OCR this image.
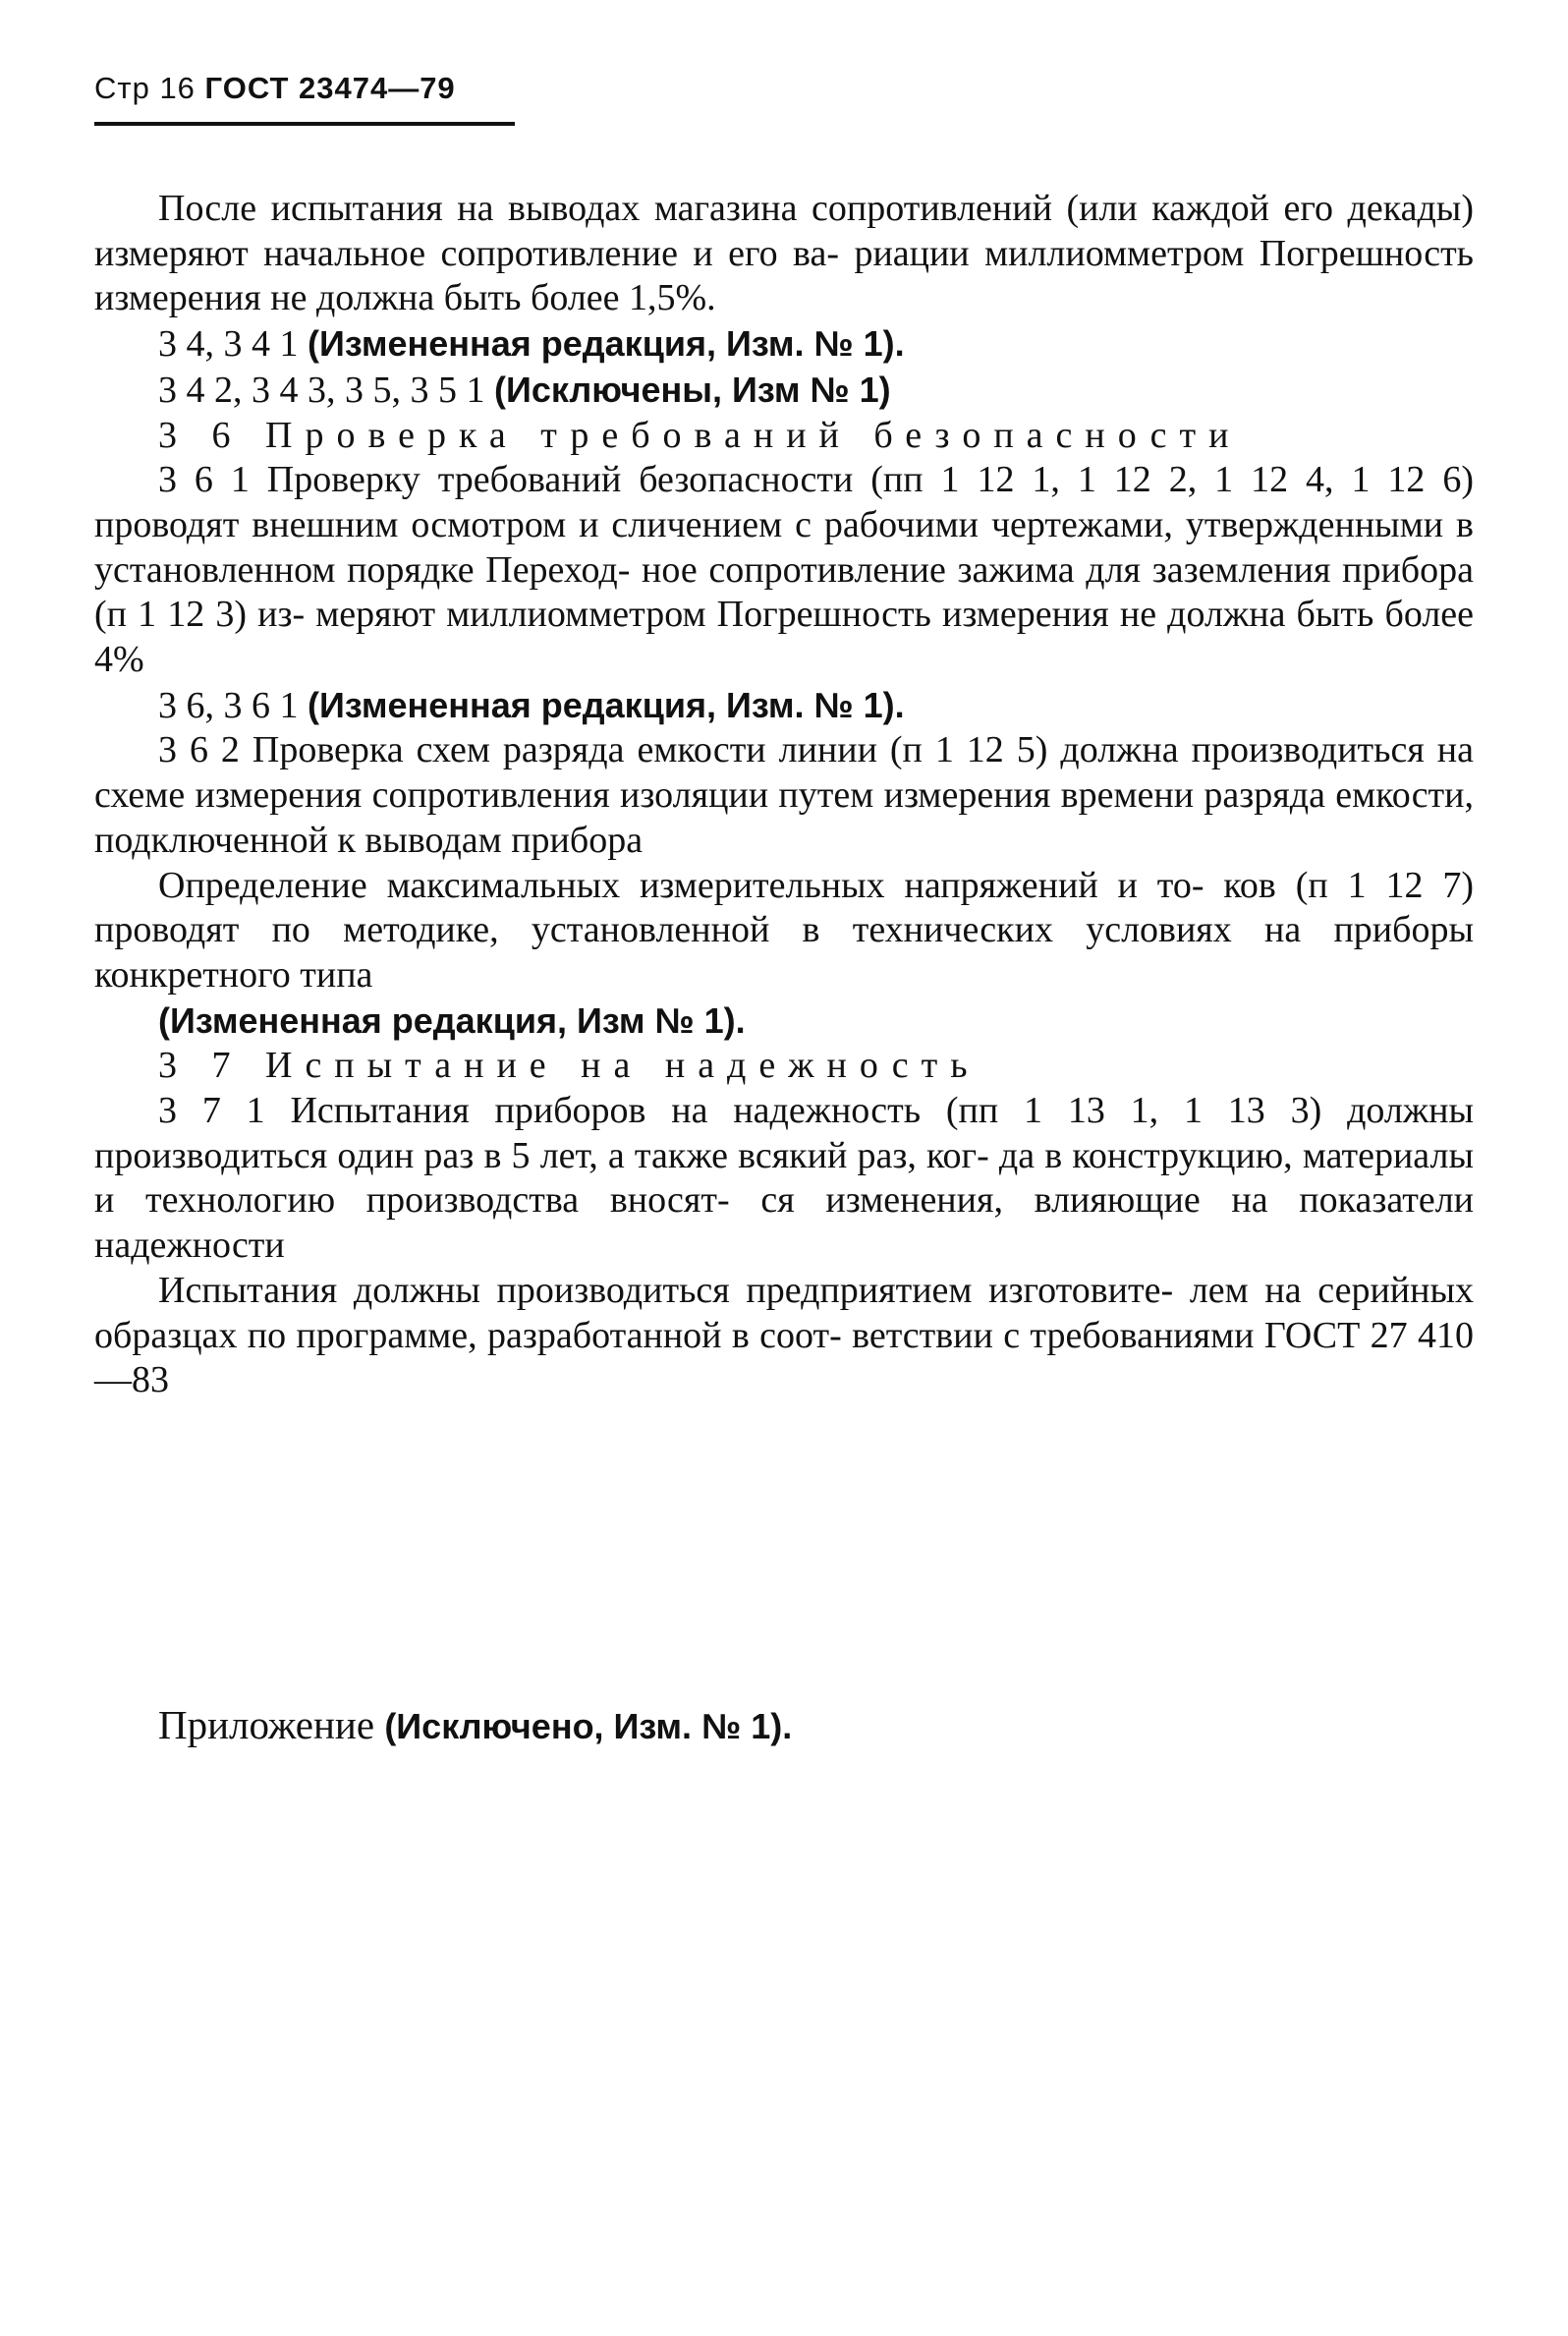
Стр 16 ГОСТ 23474—79

После испытания на выводах магазина сопротивлений (или каждой его декады) измеряют начальное сопротивление и его ва- риации миллиомметром Погрешность измерения не должна быть более 1,5%.

3 4, 3 4 1 (Измененная редакция, Изм. № 1).

3 4 2, 3 4 3, 3 5, 3 5 1 (Исключены, Изм № 1)

3 6 Проверка требований безопасности

3 6 1 Проверку требований безопасности (пп 1 12 1, 1 12 2, 1 12 4, 1 12 6) проводят внешним осмотром и сличением с рабочими чертежами, утвержденными в установленном порядке Переход- ное сопротивление зажима для заземления прибора (п 1 12 3) из- меряют миллиомметром Погрешность измерения не должна быть более 4%

3 6, 3 6 1 (Измененная редакция, Изм. № 1).

3 6 2 Проверка схем разряда емкости линии (п 1 12 5) должна производиться на схеме измерения сопротивления изоляции путем измерения времени разряда емкости, подключенной к выводам прибора

Определение максимальных измерительных напряжений и то- ков (п 1 12 7) проводят по методике, установленной в технических условиях на приборы конкретного типа

(Измененная редакция, Изм № 1).

3 7 Испытание на надежность

3 7 1 Испытания приборов на надежность (пп 1 13 1, 1 13 3) должны производиться один раз в 5 лет, а также всякий раз, ког- да в конструкцию, материалы и технологию производства вносят- ся изменения, влияющие на показатели надежности

Испытания должны производиться предприятием изготовите- лем на серийных образцах по программе, разработанной в соот- ветствии с требованиями ГОСТ 27 410—83

Приложение (Исключено, Изм. № 1).
